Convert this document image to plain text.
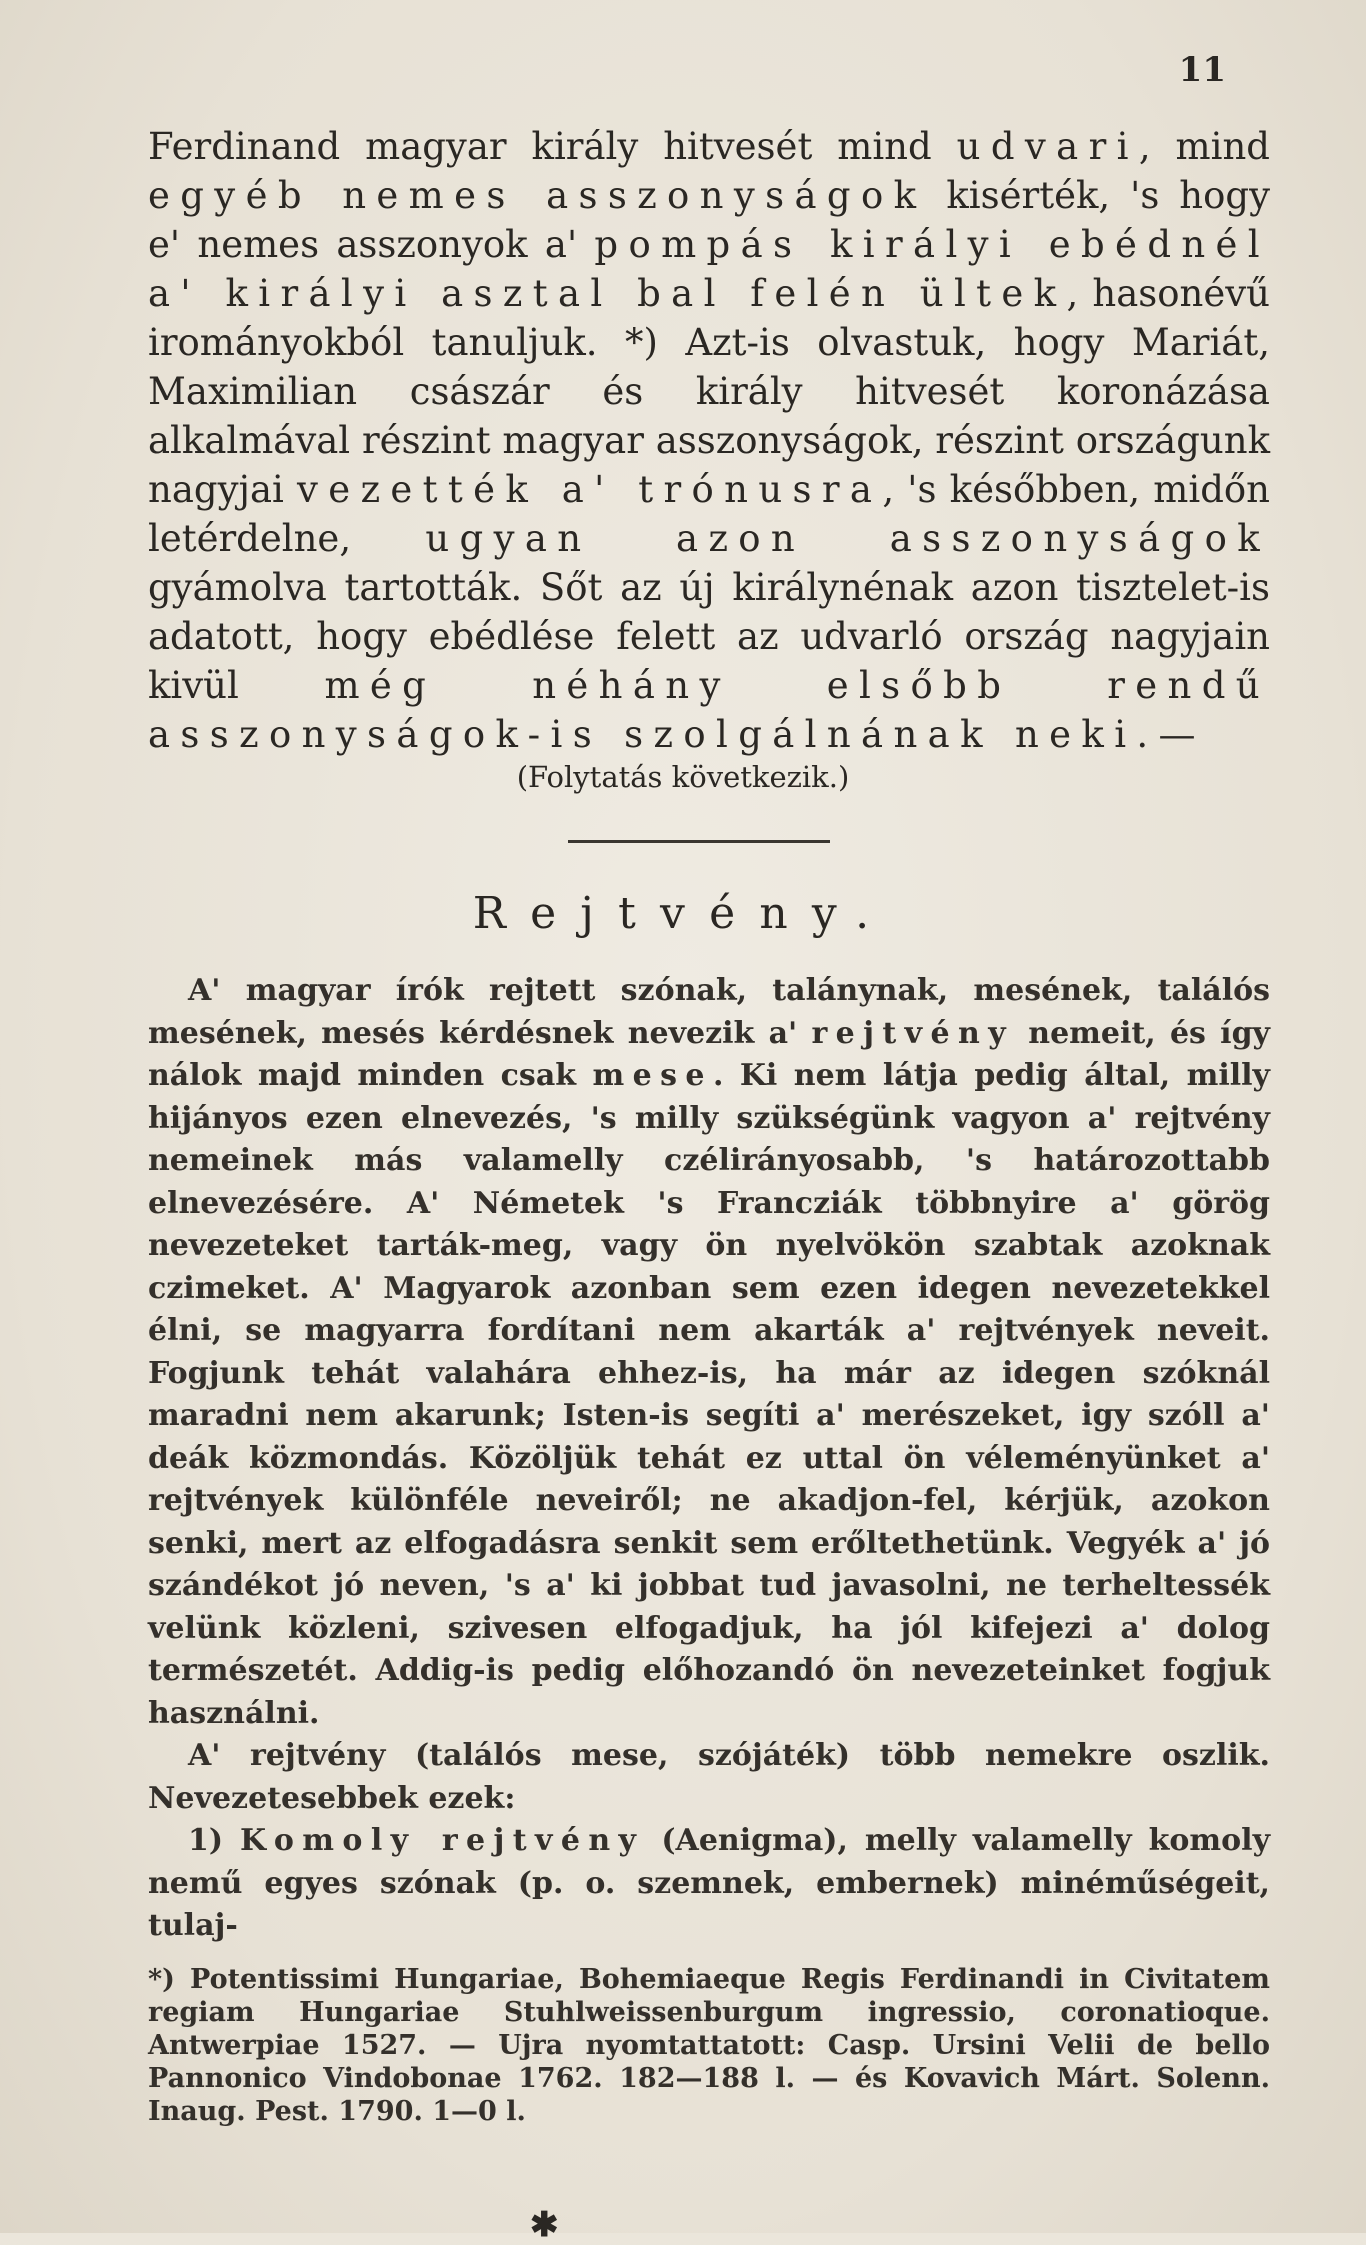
11

Ferdinand magyar király hitvesét mind udvari, mind egyéb nemes asszonyságok kisérték, 's hogy e' nemes asszonyok a' pompás királyi ebédnél a' királyi asztal bal felén ültek, hasonévű irományokból tanuljuk. *) Azt-is olvastuk, hogy Mariát, Maximilian császár és király hitvesét koronázása alkalmával részint magyar asszonyságok, részint országunk nagyjai vezették a' trónusra, 's későbben, midőn letérdelne, ugyan azon asszonyságok gyámolva tartották. Sőt az új királynénak azon tisztelet-is adatott, hogy ebédlése felett az udvarló ország nagyjain kivül még néhány elsőbb rendű asszonyságok-is szolgálnának neki.—

(Folytatás következik.)
Rejtvény.

A' magyar írók rejtett szónak, talánynak, mesének, találós mesének, mesés kérdésnek nevezik a' rejtvény nemeit, és így nálok majd minden csak mese. Ki nem látja pedig által, milly hijányos ezen elnevezés, 's milly szükségünk vagyon a' rejtvény nemeinek más valamelly czélirányosabb, 's határozottabb elnevezésére. A' Németek 's Francziák többnyire a' görög nevezeteket tarták-meg, vagy ön nyelvökön szabtak azoknak czimeket. A' Magyarok azonban sem ezen idegen nevezetekkel élni, se magyarra fordítani nem akarták a' rejtvények neveit. Fogjunk tehát valahára ehhez-is, ha már az idegen szóknál maradni nem akarunk; Isten-is segíti a' merészeket, igy szóll a' deák közmondás. Közöljük tehát ez uttal ön véleményünket a' rejtvények különféle neveiről; ne akadjon-fel, kérjük, azokon senki, mert az elfogadásra senkit sem erőltethetünk. Vegyék a' jó szándékot jó neven, 's a' ki jobbat tud javasolni, ne terheltessék velünk közleni, szivesen elfogadjuk, ha jól kifejezi a' dolog természetét. Addig-is pedig előhozandó ön nevezeteinket fogjuk használni.

A' rejtvény (találós mese, szójáték) több nemekre oszlik. Nevezetesebbek ezek:

1) Komoly rejtvény (Aenigma), melly valamelly komoly nemű egyes szónak (p. o. szemnek, embernek) minéműségeit, tulaj-

*) Potentissimi Hungariae, Bohemiaeque Regis Ferdinandi in Civitatem regiam Hungariae Stuhlweissenburgum ingressio, coronatioque. Antwerpiae 1527. — Ujra nyomtattatott: Casp. Ursini Velii de bello Pannonico Vindobonae 1762. 182—188 l. — és Kovavich Márt. Solenn. Inaug. Pest. 1790. 1—0 l.

✱
